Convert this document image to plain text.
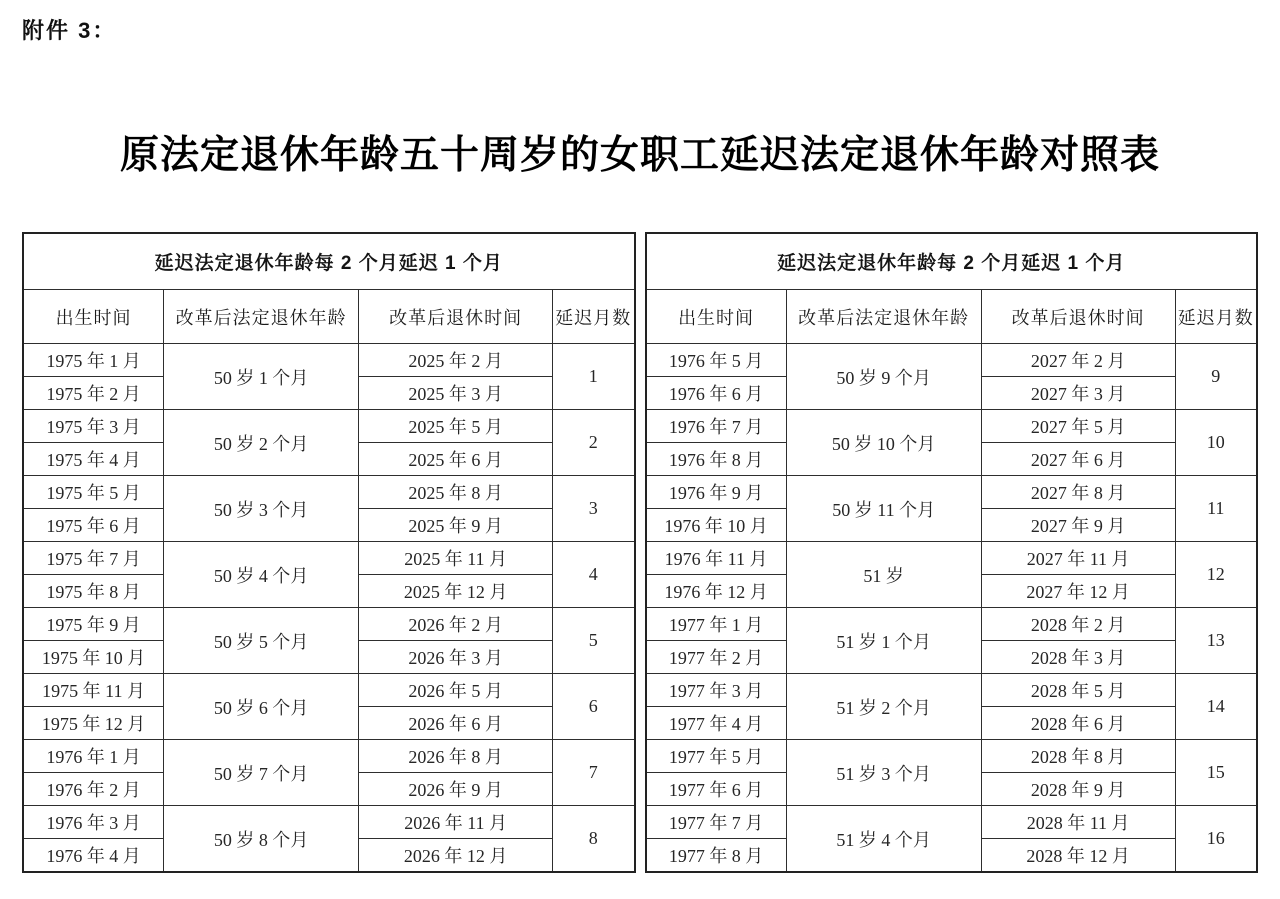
附件 3：
原法定退休年龄五十周岁的女职工延迟法定退休年龄对照表
延迟法定退休年龄每 2 个月延迟 1 个月			
出生时间	改革后法定退休年龄	改革后退休时间	延迟月数
1975 年 1 月	50 岁 1 个月	2025 年 2 月	1
1975 年 2 月		2025 年 3 月	
1975 年 3 月	50 岁 2 个月	2025 年 5 月	2
1975 年 4 月		2025 年 6 月	
1975 年 5 月	50 岁 3 个月	2025 年 8 月	3
1975 年 6 月		2025 年 9 月	
1975 年 7 月	50 岁 4 个月	2025 年 11 月	4
1975 年 8 月		2025 年 12 月	
1975 年 9 月	50 岁 5 个月	2026 年 2 月	5
1975 年 10 月		2026 年 3 月	
1975 年 11 月	50 岁 6 个月	2026 年 5 月	6
1975 年 12 月		2026 年 6 月	
1976 年 1 月	50 岁 7 个月	2026 年 8 月	7
1976 年 2 月		2026 年 9 月	
1976 年 3 月	50 岁 8 个月	2026 年 11 月	8
1976 年 4 月		2026 年 12 月	
延迟法定退休年龄每 2 个月延迟 1 个月			
出生时间	改革后法定退休年龄	改革后退休时间	延迟月数
1976 年 5 月	50 岁 9 个月	2027 年 2 月	9
1976 年 6 月		2027 年 3 月	
1976 年 7 月	50 岁 10 个月	2027 年 5 月	10
1976 年 8 月		2027 年 6 月	
1976 年 9 月	50 岁 11 个月	2027 年 8 月	11
1976 年 10 月		2027 年 9 月	
1976 年 11 月	51 岁	2027 年 11 月	12
1976 年 12 月		2027 年 12 月	
1977 年 1 月	51 岁 1 个月	2028 年 2 月	13
1977 年 2 月		2028 年 3 月	
1977 年 3 月	51 岁 2 个月	2028 年 5 月	14
1977 年 4 月		2028 年 6 月	
1977 年 5 月	51 岁 3 个月	2028 年 8 月	15
1977 年 6 月		2028 年 9 月	
1977 年 7 月	51 岁 4 个月	2028 年 11 月	16
1977 年 8 月		2028 年 12 月	
